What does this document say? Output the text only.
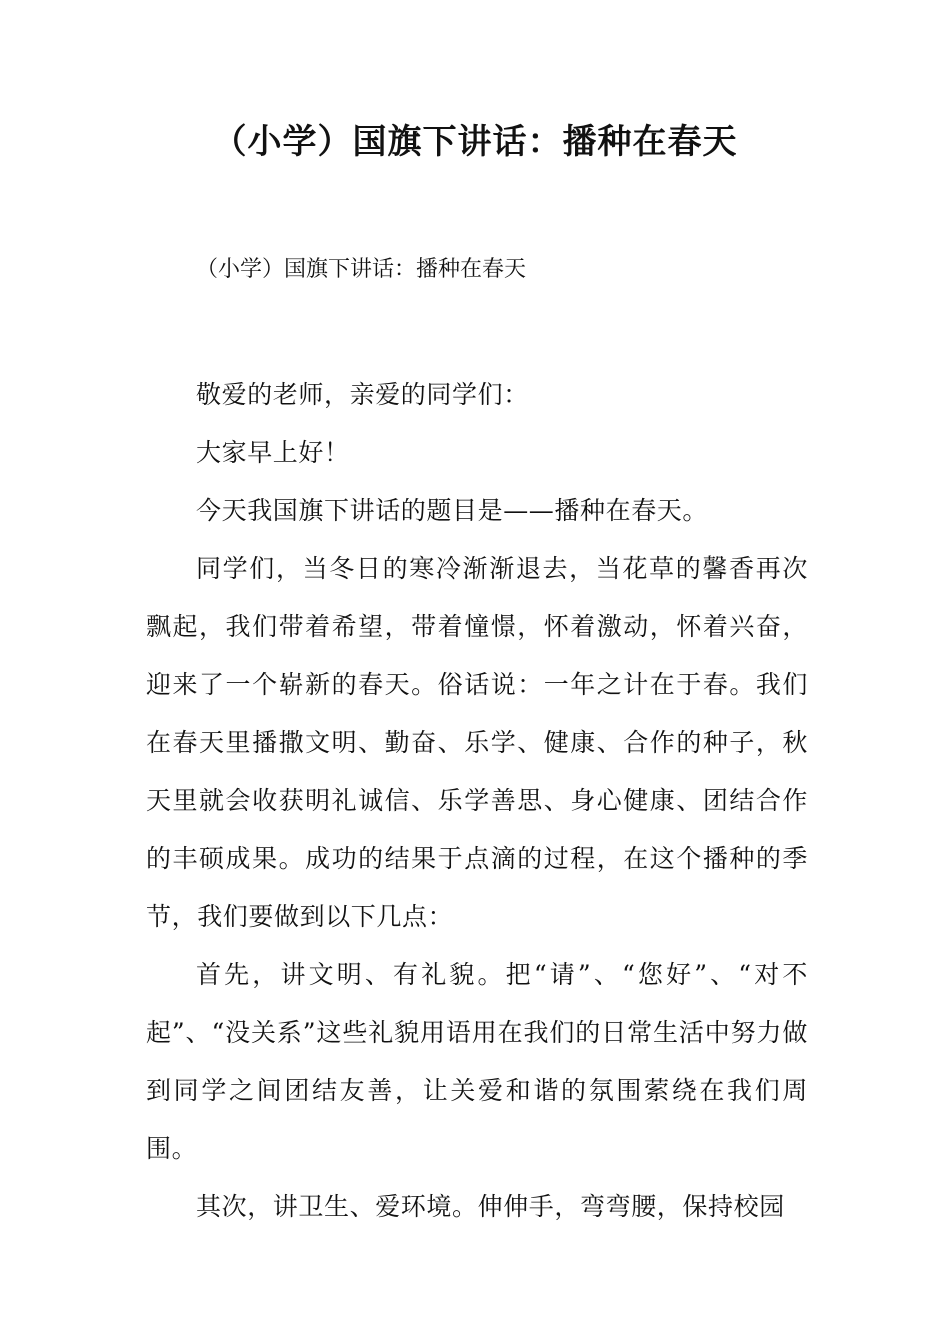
（小学）国旗下讲话：播种在春天

（小学）国旗下讲话：播种在春天

敬爱的老师，亲爱的同学们：

大家早上好！

今天我国旗下讲话的题目是——播种在春天。

同学们，当冬日的寒冷渐渐退去，当花草的馨香再次飘起，我们带着希望，带着憧憬，怀着激动，怀着兴奋，迎来了一个崭新的春天。俗话说：一年之计在于春。我们在春天里播撒文明、勤奋、乐学、健康、合作的种子，秋天里就会收获明礼诚信、乐学善思、身心健康、团结合作的丰硕成果。成功的结果于点滴的过程，在这个播种的季节，我们要做到以下几点：

首先，讲文明、有礼貌。把“请”、“您好”、“对不起”、“没关系”这些礼貌用语用在我们的日常生活中努力做到同学之间团结友善，让关爱和谐的氛围萦绕在我们周围。

其次，讲卫生、爱环境。伸伸手，弯弯腰，保持校园
